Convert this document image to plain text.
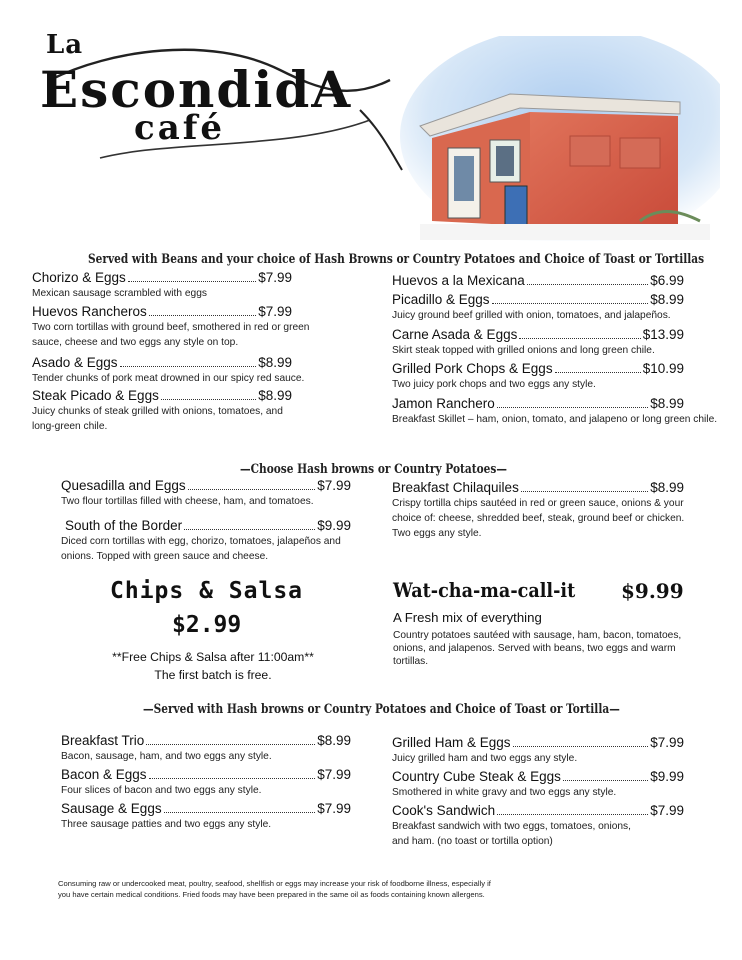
La
EscondidA
café
Served with Beans and your choice of Hash Browns or Country Potatoes and Choice of Toast or Tortillas
Chorizo & Eggs	$7.99
Mexican sausage scrambled with eggs
Huevos Rancheros	$7.99
Two corn tortillas with ground beef, smothered in red or green sauce, cheese and two eggs any style on top.
Asado & Eggs	$8.99
Tender chunks of pork meat drowned in our spicy red sauce.
Steak Picado & Eggs	$8.99
Juicy chunks of steak grilled with onions, tomatoes, and long-green chile.
Huevos a la Mexicana	$6.99
Picadillo & Eggs	$8.99
Juicy ground beef grilled with onion, tomatoes, and jalapeños.
Carne Asada & Eggs	$13.99
Skirt steak topped with grilled onions and long green chile.
Grilled Pork Chops & Eggs	$10.99
Two juicy pork chops and two eggs any style.
Jamon Ranchero	$8.99
Breakfast Skillet – ham, onion, tomato, and jalapeno or long green chile.
—Choose Hash browns or Country Potatoes—
Quesadilla and Eggs	$7.99
Two flour tortillas filled with cheese, ham, and tomatoes.
South of the Border	$9.99
Diced corn tortillas with egg, chorizo, tomatoes, jalapeños and onions. Topped with green sauce and cheese.
Breakfast Chilaquiles	$8.99
Crispy tortilla chips sautéed in red or green sauce, onions & your choice of: cheese, shredded beef, steak, ground beef or chicken. Two eggs any style.
Chips & Salsa
$2.99
**Free Chips & Salsa after 11:00am**
The first batch is free.
Wat-cha-ma-call-it $9.99
A Fresh mix of everything
Country potatoes sautéed with sausage, ham, bacon, tomatoes, onions, and jalapenos. Served with beans, two eggs and warm tortillas.
—Served with Hash browns or Country Potatoes and Choice of Toast or Tortilla—
Breakfast Trio	$8.99
Bacon, sausage, ham, and two eggs any style.
Bacon & Eggs	$7.99
Four slices of bacon and two eggs any style.
Sausage & Eggs	$7.99
Three sausage patties and two eggs any style.
Grilled Ham & Eggs	$7.99
Juicy grilled ham and two eggs any style.
Country Cube Steak & Eggs	$9.99
Smothered in white gravy and two eggs any style.
Cook's Sandwich	$7.99
Breakfast sandwich with two eggs, tomatoes, onions, and ham. (no toast or tortilla option)
Consuming raw or undercooked meat, poultry, seafood, shellfish or eggs may increase your risk of foodborne illness, especially if
you have certain medical conditions. Fried foods may have been prepared in the same oil as foods containing known allergens.
